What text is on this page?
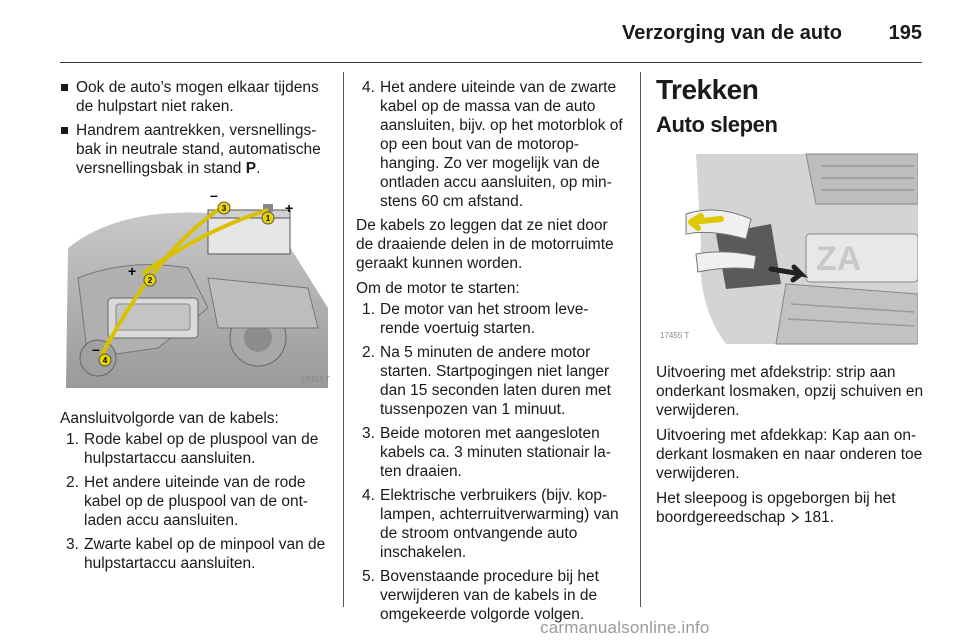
Verzorging van de auto 195
Ook de auto’s mogen elkaar tijdens de hulpstart niet raken.
Handrem aantrekken, versnellings-bak in neutrale stand, automatische versnellingsbak in stand P.
1
+
2
+
3
–
4
–
17454 T

Aansluitvolgorde van de kabels:

1. Rode kabel op de pluspool van de hulpstartaccu aansluiten.
2. Het andere uiteinde van de rode kabel op de pluspool van de ont-laden accu aansluiten.
3. Zwarte kabel op de minpool van de hulpstartaccu aansluiten.
4. Het andere uiteinde van de zwarte kabel op de massa van de auto aansluiten, bijv. op het motorblok of op een bout van de motorop-hanging. Zo ver mogelijk van de ontladen accu aansluiten, op min-stens 60 cm afstand.

De kabels zo leggen dat ze niet door de draaiende delen in de motorruimte geraakt kunnen worden.

Om de motor te starten:

1. De motor van het stroom leve-rende voertuig starten.
2. Na 5 minuten de andere motor starten. Startpogingen niet langer dan 15 seconden laten duren met tussenpozen van 1 minuut.
3. Beide motoren met aangesloten kabels ca. 3 minuten stationair la-ten draaien.
4. Elektrische verbruikers (bijv. kop-lampen, achterruitverwarming) van de stroom ontvangende auto inschakelen.
5. Bovenstaande procedure bij het verwijderen van de kabels in de omgekeerde volgorde volgen.
Trekken
Auto slepen
ZA
17455 T

Uitvoering met afdekstrip: strip aan onderkant losmaken, opzij schuiven en verwijderen.

Uitvoering met afdekkap: Kap aan on-derkant losmaken en naar onderen toe verwijderen.

Het sleepoog is opgeborgen bij het boordgereedschap  181.

carmanualsonline.info
